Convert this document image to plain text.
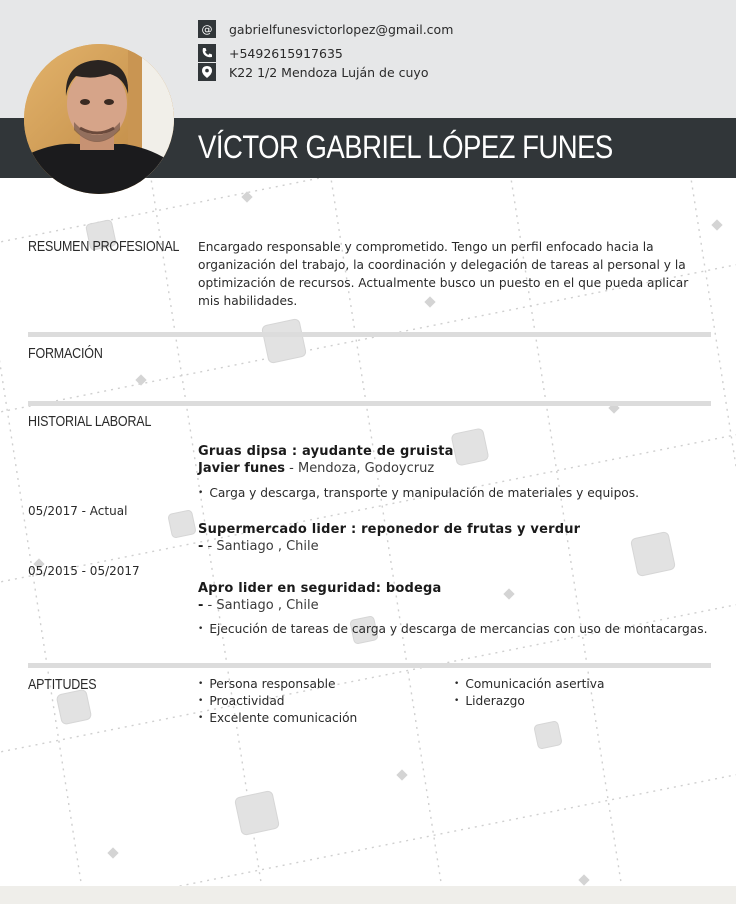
@ gabrielfunesvictorlopez@gmail.com
+5492615917635
K22 1/2 Mendoza Luján de cuyo
VÍCTOR GABRIEL LÓPEZ FUNES
RESUMEN PROFESIONAL Encargado responsable y comprometido. Tengo un perfil enfocado hacia la
organización del trabajo, la coordinación y delegación de tareas al personal y la
optimización de recursos. Actualmente busco un puesto en el que pueda aplicar
mis habilidades.
FORMACIÓN
HISTORIAL LABORAL
Gruas dipsa : ayudante de gruista
Javier funes - Mendoza, Godoycruz
• Carga y descarga, transporte y manipulación de materiales y equipos.
05/2017 - Actual
Supermercado lider : reponedor de frutas y verdur
- - Santiago , Chile
05/2015 - 05/2017
Apro lider en seguridad: bodega
- - Santiago , Chile
• Ejecución de tareas de carga y descarga de mercancias con uso de montacargas.
APTITUDES	• Persona responsable
• Proactividad
• Excelente comunicación
• Comunicación asertiva
• Liderazgo
